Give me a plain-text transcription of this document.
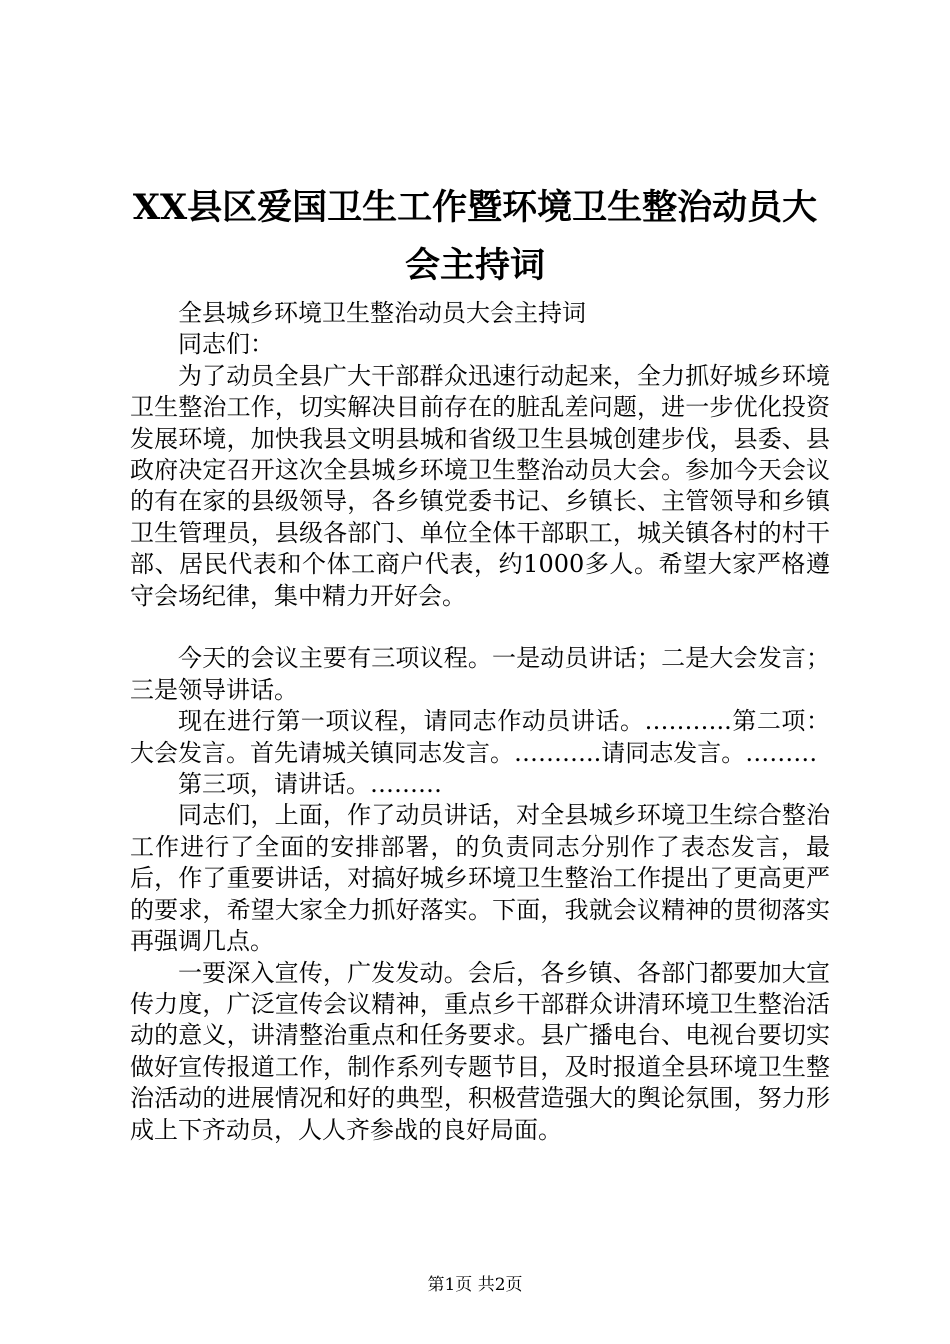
XX县区爱国卫生工作暨环境卫生整治动员大
会主持词

全县城乡环境卫生整治动员大会主持词

同志们：

为了动员全县广大干部群众迅速行动起来，全力抓好城乡环境卫生整治工作，切实解决目前存在的脏乱差问题，进一步优化投资发展环境，加快我县文明县城和省级卫生县城创建步伐，县委、县政府决定召开这次全县城乡环境卫生整治动员大会。参加今天会议的有在家的县级领导，各乡镇党委书记、乡镇长、主管领导和乡镇卫生管理员，县级各部门、单位全体干部职工，城关镇各村的村干部、居民代表和个体工商户代表，约1000多人。希望大家严格遵守会场纪律，集中精力开好会。

今天的会议主要有三项议程。一是动员讲话；二是大会发言；三是领导讲话。

现在进行第一项议程，请同志作动员讲话。………..第二项：大会发言。首先请城关镇同志发言。………..请同志发言。………

第三项，请讲话。………

同志们，上面，作了动员讲话，对全县城乡环境卫生综合整治工作进行了全面的安排部署，的负责同志分别作了表态发言，最后，作了重要讲话，对搞好城乡环境卫生整治工作提出了更高更严的要求，希望大家全力抓好落实。下面，我就会议精神的贯彻落实再强调几点。

一要深入宣传，广发发动。会后，各乡镇、各部门都要加大宣传力度，广泛宣传会议精神，重点乡干部群众讲清环境卫生整治活动的意义，讲清整治重点和任务要求。县广播电台、电视台要切实做好宣传报道工作，制作系列专题节目，及时报道全县环境卫生整治活动的进展情况和好的典型，积极营造强大的舆论氛围，努力形成上下齐动员，人人齐参战的良好局面。

第1页 共2页
